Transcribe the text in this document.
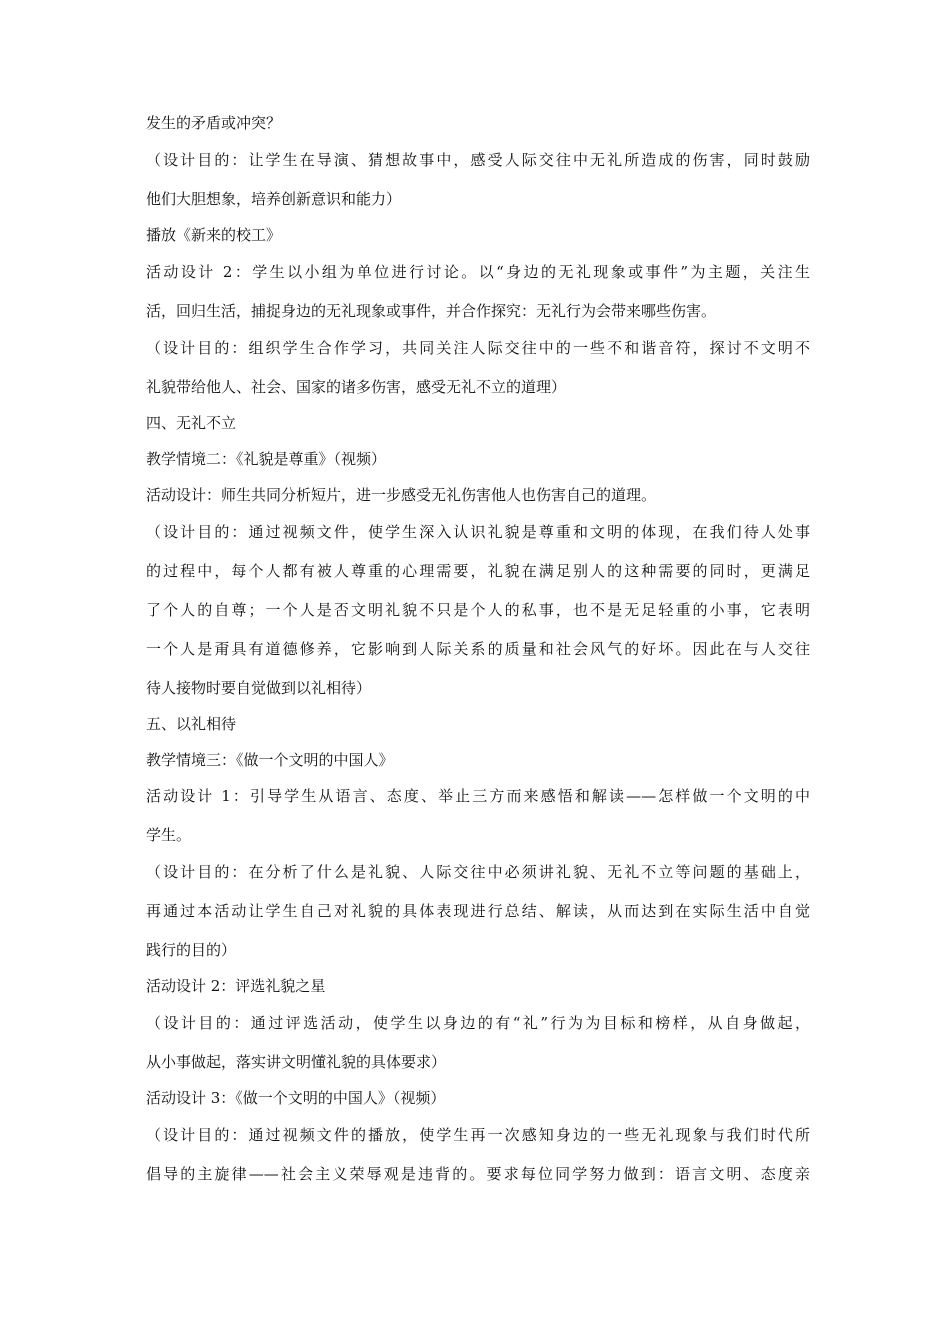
发生的矛盾或冲突？
（设计目的：让学生在导演、猜想故事中，感受人际交往中无礼所造成的伤害，同时鼓励
他们大胆想象，培养创新意识和能力）
播放《新来的校工》
活动设计 2：学生以小组为单位进行讨论。以“身边的无礼现象或事件”为主题，关注生
活，回归生活，捕捉身边的无礼现象或事件，并合作探究：无礼行为会带来哪些伤害。
（设计目的：组织学生合作学习，共同关注人际交往中的一些不和谐音符，探讨不文明不
礼貌带给他人、社会、国家的诸多伤害，感受无礼不立的道理）
四、无礼不立
教学情境二：《礼貌是尊重》（视频）
活动设计：师生共同分析短片，进一步感受无礼伤害他人也伤害自己的道理。
（设计目的：通过视频文件，使学生深入认识礼貌是尊重和文明的体现，在我们待人处事
的过程中，每个人都有被人尊重的心理需要，礼貌在满足别人的这种需要的同时，更满足
了个人的自尊；一个人是否文明礼貌不只是个人的私事，也不是无足轻重的小事，它表明
一个人是甭具有道德修养，它影响到人际关系的质量和社会风气的好坏。因此在与人交往
待人接物时要自觉做到以礼相待）
五、以礼相待
教学情境三：《做一个文明的中国人》
活动设计 1：引导学生从语言、态度、举止三方而来感悟和解读——怎样做一个文明的中
学生。
（设计目的：在分析了什么是礼貌、人际交往中必须讲礼貌、无礼不立等问题的基础上，
再通过本活动让学生自己对礼貌的具体表现进行总结、解读，从而达到在实际生活中自觉
践行的目的）
活动设计 2：评选礼貌之星
（设计目的：通过评选活动，使学生以身边的有“礼”行为为目标和榜样，从自身做起，
从小事做起，落实讲文明懂礼貌的具体要求）
活动设计 3：《做一个文明的中国人》（视频）
（设计目的：通过视频文件的播放，使学生再一次感知身边的一些无礼现象与我们时代所
倡导的主旋律——社会主义荣辱观是违背的。要求每位同学努力做到：语言文明、态度亲
